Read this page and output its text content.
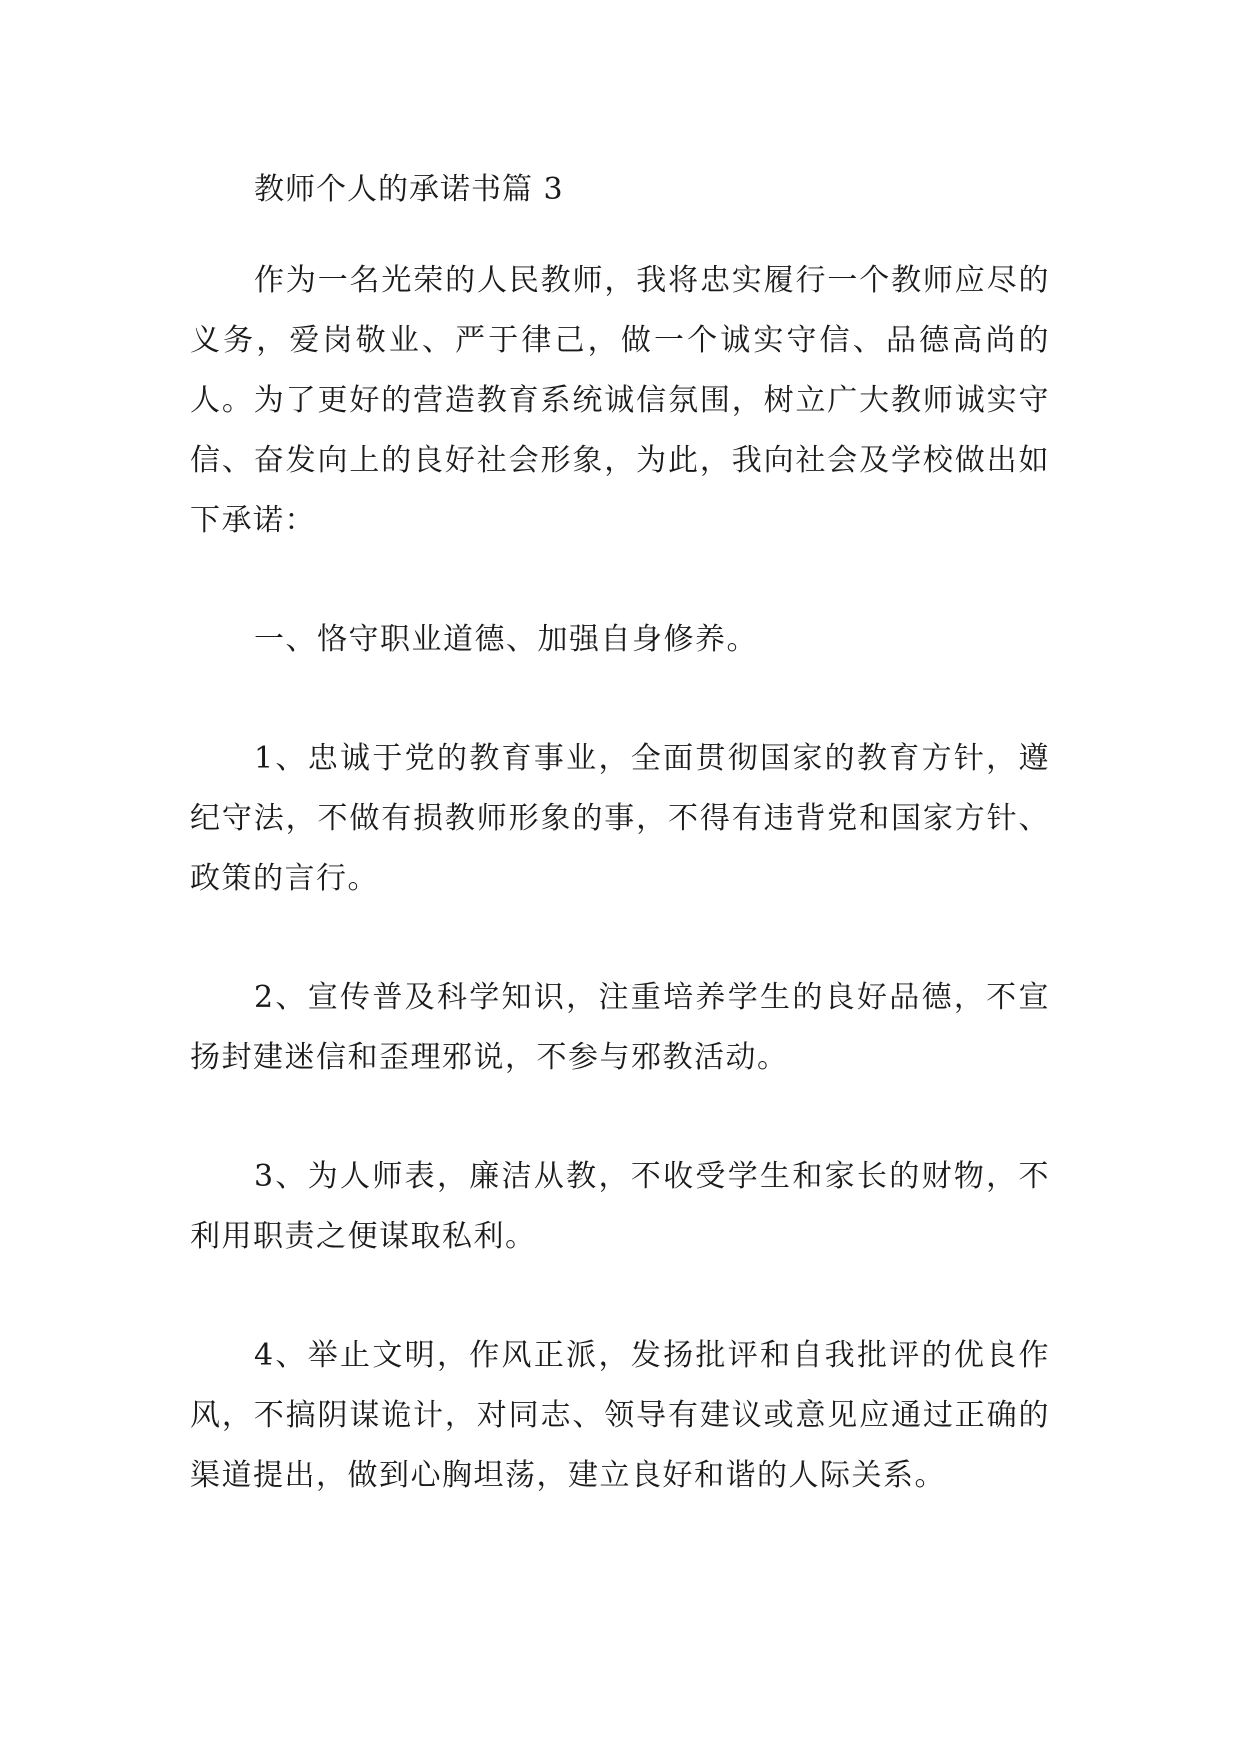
教师个人的承诺书篇 3

作为一名光荣的人民教师，我将忠实履行一个教师应尽的义务，爱岗敬业、严于律己，做一个诚实守信、品德高尚的人。为了更好的营造教育系统诚信氛围，树立广大教师诚实守信、奋发向上的良好社会形象，为此，我向社会及学校做出如下承诺：

一、恪守职业道德、加强自身修养。

1、忠诚于党的教育事业，全面贯彻国家的教育方针，遵纪守法，不做有损教师形象的事，不得有违背党和国家方针、政策的言行。

2、宣传普及科学知识，注重培养学生的良好品德，不宣扬封建迷信和歪理邪说，不参与邪教活动。

3、为人师表，廉洁从教，不收受学生和家长的财物，不利用职责之便谋取私利。

4、举止文明，作风正派，发扬批评和自我批评的优良作风，不搞阴谋诡计，对同志、领导有建议或意见应通过正确的渠道提出，做到心胸坦荡，建立良好和谐的人际关系。
